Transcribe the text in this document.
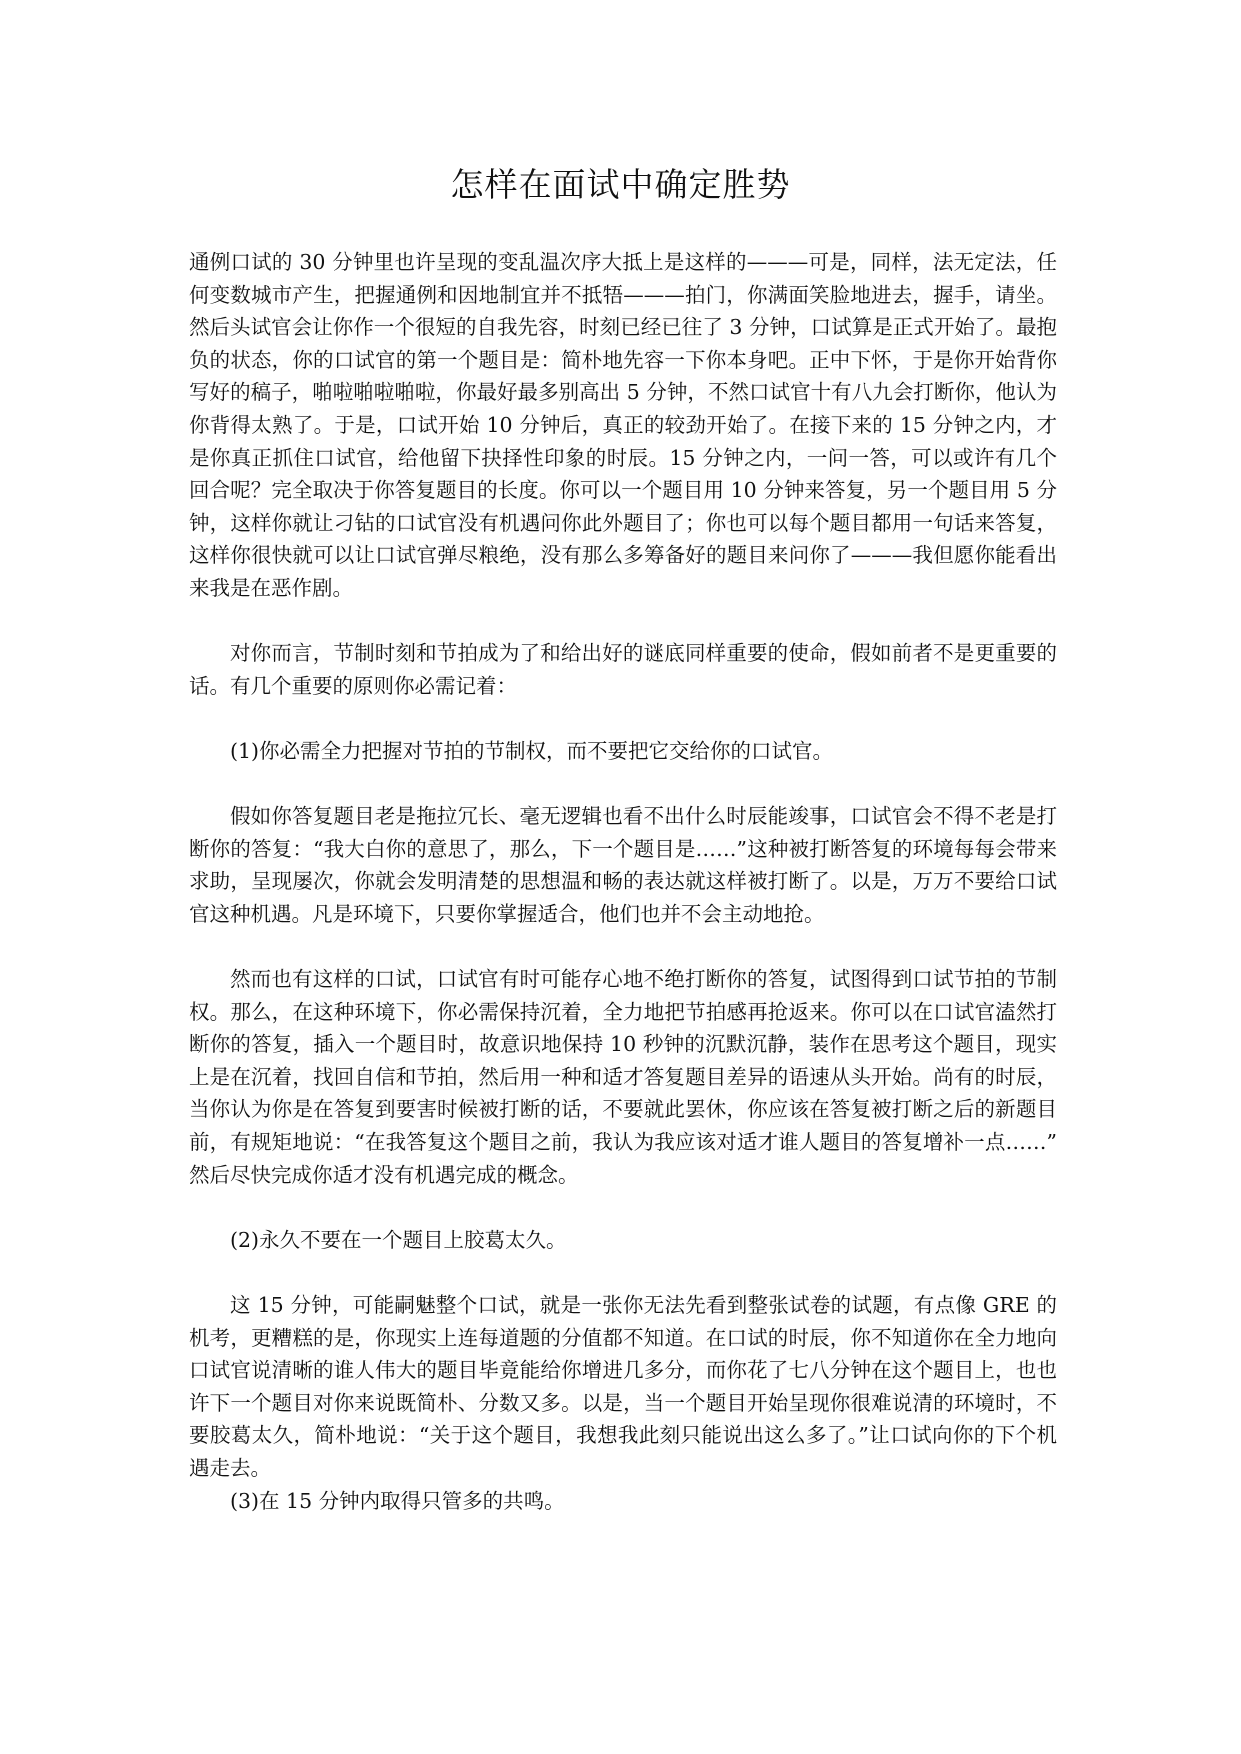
怎样在面试中确定胜势

通例口试的 30 分钟里也许呈现的变乱温次序大抵上是这样的———可是，同样，法无定法，任何变数城市产生，把握通例和因地制宜并不抵牾———拍门，你满面笑脸地进去，握手，请坐。然后头试官会让你作一个很短的自我先容，时刻已经已往了 3 分钟，口试算是正式开始了。最抱负的状态，你的口试官的第一个题目是：简朴地先容一下你本身吧。正中下怀，于是你开始背你写好的稿子，啪啦啪啦啪啦，你最好最多别高出 5 分钟，不然口试官十有八九会打断你，他认为你背得太熟了。于是，口试开始 10 分钟后，真正的较劲开始了。在接下来的 15 分钟之内，才是你真正抓住口试官，给他留下抉择性印象的时辰。15 分钟之内，一问一答，可以或许有几个回合呢？完全取决于你答复题目的长度。你可以一个题目用 10 分钟来答复，另一个题目用 5 分钟，这样你就让刁钻的口试官没有机遇问你此外题目了；你也可以每个题目都用一句话来答复，这样你很快就可以让口试官弹尽粮绝，没有那么多筹备好的题目来问你了———我但愿你能看出来我是在恶作剧。

对你而言，节制时刻和节拍成为了和给出好的谜底同样重要的使命，假如前者不是更重要的话。有几个重要的原则你必需记着：

(1)你必需全力把握对节拍的节制权，而不要把它交给你的口试官。

假如你答复题目老是拖拉冗长、毫无逻辑也看不出什么时辰能竣事，口试官会不得不老是打断你的答复：“我大白你的意思了，那么，下一个题目是……”这种被打断答复的环境每每会带来求助，呈现屡次，你就会发明清楚的思想温和畅的表达就这样被打断了。以是，万万不要给口试官这种机遇。凡是环境下，只要你掌握适合，他们也并不会主动地抢。

然而也有这样的口试，口试官有时可能存心地不绝打断你的答复，试图得到口试节拍的节制权。那么，在这种环境下，你必需保持沉着，全力地把节拍感再抢返来。你可以在口试官溘然打断你的答复，插入一个题目时，故意识地保持 10 秒钟的沉默沉静，装作在思考这个题目，现实上是在沉着，找回自信和节拍，然后用一种和适才答复题目差异的语速从头开始。尚有的时辰，当你认为你是在答复到要害时候被打断的话，不要就此罢休，你应该在答复被打断之后的新题目前，有规矩地说：“在我答复这个题目之前，我认为我应该对适才谁人题目的答复增补一点……”然后尽快完成你适才没有机遇完成的概念。

(2)永久不要在一个题目上胶葛太久。

这 15 分钟，可能嗣魅整个口试，就是一张你无法先看到整张试卷的试题，有点像 GRE 的机考，更糟糕的是，你现实上连每道题的分值都不知道。在口试的时辰，你不知道你在全力地向口试官说清晰的谁人伟大的题目毕竟能给你增进几多分，而你花了七八分钟在这个题目上，也也许下一个题目对你来说既简朴、分数又多。以是，当一个题目开始呈现你很难说清的环境时，不要胶葛太久，简朴地说：“关于这个题目，我想我此刻只能说出这么多了。”让口试向你的下个机遇走去。

(3)在 15 分钟内取得只管多的共鸣。
